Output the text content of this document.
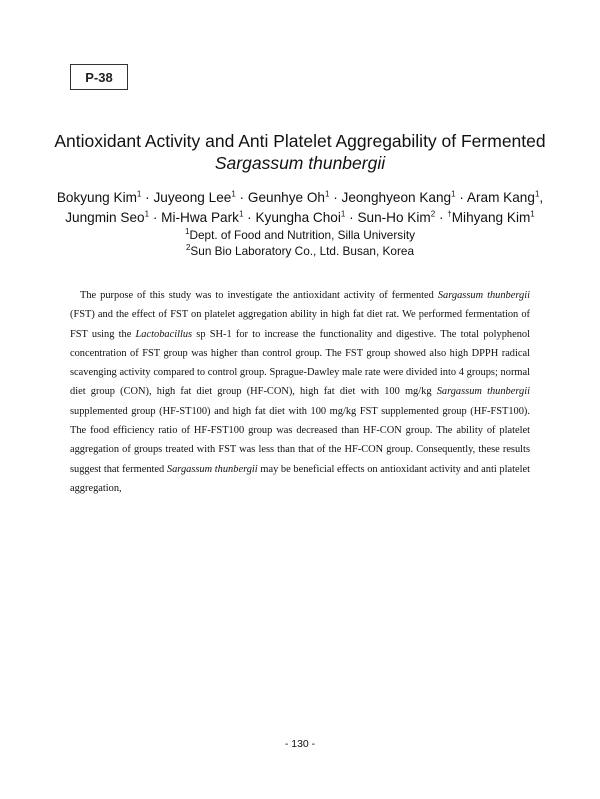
P-38
Antioxidant Activity and Anti Platelet Aggregability of Fermented
Sargassum thunbergii
Bokyung Kim$^1$ · Juyeong Lee$^1$ · Geunhye $Oh^1$ · Jeonghyeon Kang$^1$ · Aram Kang$^1$,
Jungmin Seo$^1$ · Mi-Hwa Park$^1$ · Kyungha Choi$^1$ · Sun-Ho Kim$^2$ · †Mihyang Kim$^1$
$^1$Dept. of Food and Nutrition, Silla University
$^2$Sun Bio Laboratory Co., Ltd. Busan, Korea

The purpose of this study was to investigate the antioxidant activity of fermented Sargassum thunbergii (FST) and the effect of FST on platelet aggregation ability in high fat diet rat. We performed fermentation of FST using the Lactobacillus sp SH-1 for to increase the functionality and digestive. The total polyphenol concentration of FST group was higher than control group. The FST group showed also high DPPH radical scavenging activity compared to control group. Sprague-Dawley male rate were divided into 4 groups; normal diet group (CON), high fat diet group (HF-CON), high fat diet with 100 mg/kg Sargassum thunbergii supplemented group (HF-ST100) and high fat diet with 100 mg/kg FST supplemented group (HF-FST100). The food efficiency ratio of HF-FST100 group was decreased than HF-CON group. The ability of platelet aggregation of groups treated with FST was less than that of the HF-CON group. Consequently, these results suggest that fermented Sargassum thunbergii may be beneficial effects on antioxidant activity and anti platelet aggregation,

- 130 -
